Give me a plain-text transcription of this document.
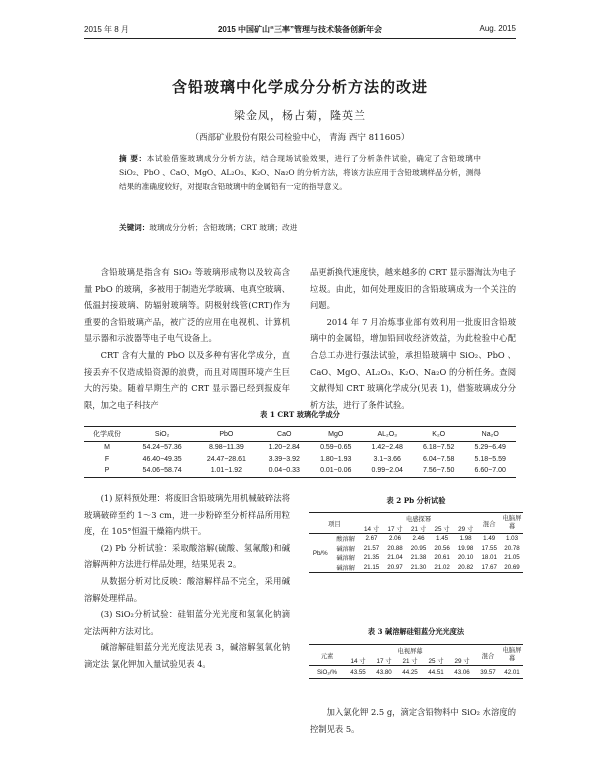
2015 年 8 月	2015 中国矿山“三率”管理与技术装备创新年会	Aug. 2015
含铅玻璃中化学成分分析方法的改进
梁金凤，杨占菊，隆英兰
（西部矿业股份有限公司检验中心， 青海 西宁 811605）
摘 要：本试验借鉴玻璃成分分析方法，结合现场试验效果，进行了分析条件试验，确定了含铅玻璃中 SiO₂、PbO 、CaO、MgO、AL₂O₃、K₂O、Na₂O 的分析方法，将该方法应用于含铅玻璃样品分析，测得结果的准确度较好，对提取含铅玻璃中的金属铅有一定的指导意义。
关键词：玻璃成分分析；含铅玻璃；CRT 玻璃；改进

含铅玻璃是指含有 SiO₂ 等玻璃形成物以及较高含量 PbO 的玻璃，多被用于制造光学玻璃、电真空玻璃、低温封接玻璃、防辐射玻璃等。阴极射线管(CRT)作为重要的含铅玻璃产品，被广泛的应用在电视机、计算机显示器和示波器等电子电气设备上。

CRT 含有大量的 PbO 以及多种有害化学成分，直接丢弃不仅造成铅资源的浪费，而且对周围环境产生巨大的污染。随着早期生产的 CRT 显示器已经到报废年限，加之电子科技产

品更新换代速度快，越来越多的 CRT 显示器淘汰为电子垃圾。由此，如何处理废旧的含铅玻璃成为一个关注的问题。

2014 年 7 月冶炼事业部有效利用一批废旧含铅玻璃中的金属铅，增加铅回收经济效益，为此检验中心配合总工办进行强法试验，承担铅玻璃中 SiO₂、PbO 、CaO、MgO、AL₂O₃、K₂O、Na₂O 的分析任务。查阅文献得知 CRT 玻璃化学成分(见表 1)，借鉴玻璃成分分析方法，进行了条件试验。

表 1 CRT 玻璃化学成分
化学成份	SiO₂	PbO	CaO	MgO	AL₂O₃	K₂O	Na₂O
M	54.24−57.36	8.98−11.39	1.20−2.84	0.59−0.65	1.42−2.48	6.18−7.52	5.29−6.49
F	46.40−49.35	24.47−28.61	3.39−3.92	1.80−1.93	3.1−3.66	6.04−7.58	5.18−5.59
P	54.06−58.74	1.01−1.92	0.04−0.33	0.01−0.06	0.99−2.04	7.56−7.50	6.60−7.00

(1) 原料预处理：将废旧含铅玻璃先用机械破碎法将玻璃破碎至约 1～3 cm，进一步粉碎至分析样品所用粒度，在 105°恒温干燥箱内烘干。

(2) Pb 分析试验：采取酸溶解(硫酸、氢氟酸)和碱溶解两种方法进行样品处理，结果见表 2。

从数据分析对比反映：酸溶解样品不完全，采用碱溶解处理样品。

(3) SiO₂分析试验：硅钼蓝分光光度和氢氧化钠滴定法两种方法对比。

碱溶解硅钼蓝分光光度法见表 3，碱溶解氢氧化钠滴定法 氯化钾加入量试验见表 4。

表 2 Pb 分析试验
项目		电感探幂					混合	电脑屏幕
		14 寸	17 寸	21 寸	25 寸	29 寸		
Pb/%	酸溶解	2.67	2.06	2.46	1.45	1.98	1.49	1.03
	碱溶解	21.57	20.88	20.95	20.56	19.98	17.55	20.78
	碱溶解	21.35	21.04	21.38	20.61	20.10	18.01	21.05
	碱溶解	21.15	20.97	21.30	21.02	20.82	17.67	20.69
表 3 碱溶解硅钼蓝分光光度法
元素	电视屏幕					混合	电脑屏幕
	14 寸	17 寸	21 寸	25 寸	29 寸		
SiO₂/%	43.55	43.80	44.25	44.51	43.06	39.57	42.01

加入氯化钾 2.5 g，滴定含铅物料中 SiO₂ 水溶度的控制见表 5。
